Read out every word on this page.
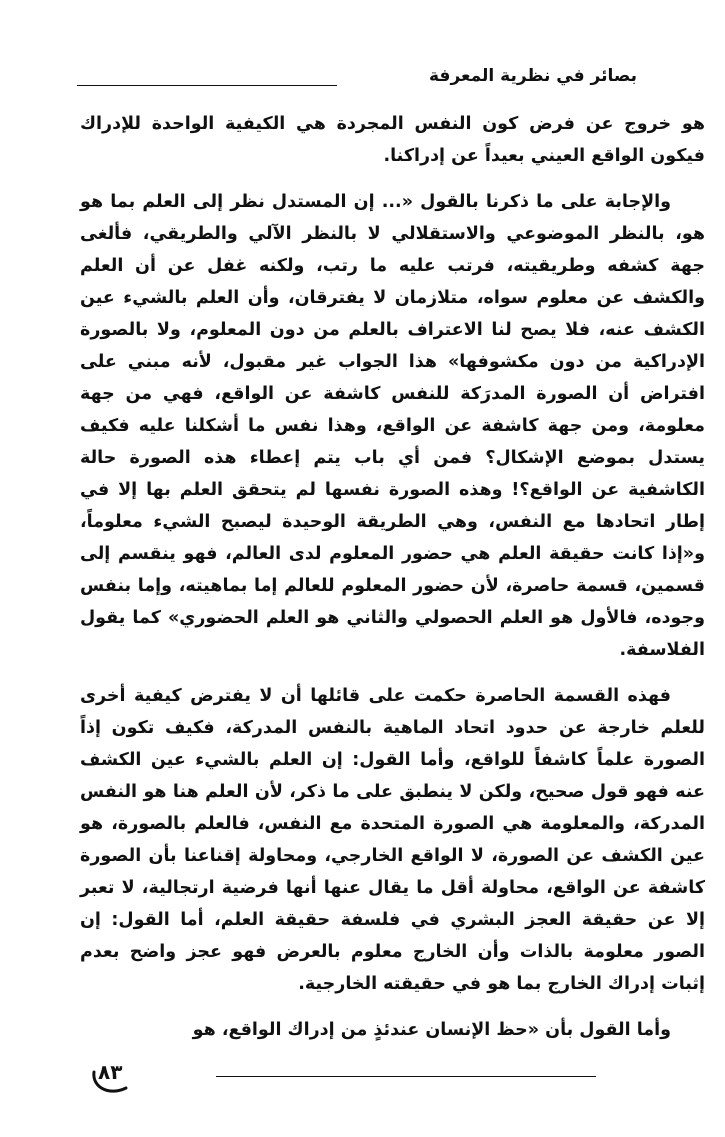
بصائر في نظرية المعرفة

هو خروج عن فرض كون النفس المجردة هي الكيفية الواحدة للإدراك فيكون الواقع العيني بعيداً عن إدراكنا.

والإجابة على ما ذكرنا بالقول «... إن المستدل نظر إلى العلم بما هو هو، بالنظر الموضوعي والاستقلالي لا بالنظر الآلي والطريقي، فألغى جهة كشفه وطريقيته، فرتب عليه ما رتب، ولكنه غفل عن أن العلم والكشف عن معلوم سواه، متلازمان لا يفترقان، وأن العلم بالشيء عين الكشف عنه، فلا يصح لنا الاعتراف بالعلم من دون المعلوم، ولا بالصورة الإدراكية من دون مكشوفها» هذا الجواب غير مقبول، لأنه مبني على افتراض أن الصورة المدرَكة للنفس كاشفة عن الواقع، فهي من جهة معلومة، ومن جهة كاشفة عن الواقع، وهذا نفس ما أشكلنا عليه فكيف يستدل بموضع الإشكال؟ فمن أي باب يتم إعطاء هذه الصورة حالة الكاشفية عن الواقع؟! وهذه الصورة نفسها لم يتحقق العلم بها إلا في إطار اتحادها مع النفس، وهي الطريقة الوحيدة ليصبح الشيء معلوماً، و«إذا كانت حقيقة العلم هي حضور المعلوم لدى العالم، فهو ينقسم إلى قسمين، قسمة حاصرة، لأن حضور المعلوم للعالم إما بماهيته، وإما بنفس وجوده، فالأول هو العلم الحصولي والثاني هو العلم الحضوري» كما يقول الفلاسفة.

فهذه القسمة الحاصرة حكمت على قائلها أن لا يفترض كيفية أخرى للعلم خارجة عن حدود اتحاد الماهية بالنفس المدركة، فكيف تكون إذاً الصورة علماً كاشفاً للواقع، وأما القول: إن العلم بالشيء عين الكشف عنه فهو قول صحيح، ولكن لا ينطبق على ما ذكر، لأن العلم هنا هو النفس المدركة، والمعلومة هي الصورة المتحدة مع النفس، فالعلم بالصورة، هو عين الكشف عن الصورة، لا الواقع الخارجي، ومحاولة إقناعنا بأن الصورة كاشفة عن الواقع، محاولة أقل ما يقال عنها أنها فرضية ارتجالية، لا تعبر إلا عن حقيقة العجز البشري في فلسفة حقيقة العلم، أما القول: إن الصور معلومة بالذات وأن الخارج معلوم بالعرض فهو عجز واضح بعدم إثبات إدراك الخارج بما هو في حقيقته الخارجية.

وأما القول بأن «حظ الإنسان عندئذٍ من إدراك الواقع، هو

٨٣
